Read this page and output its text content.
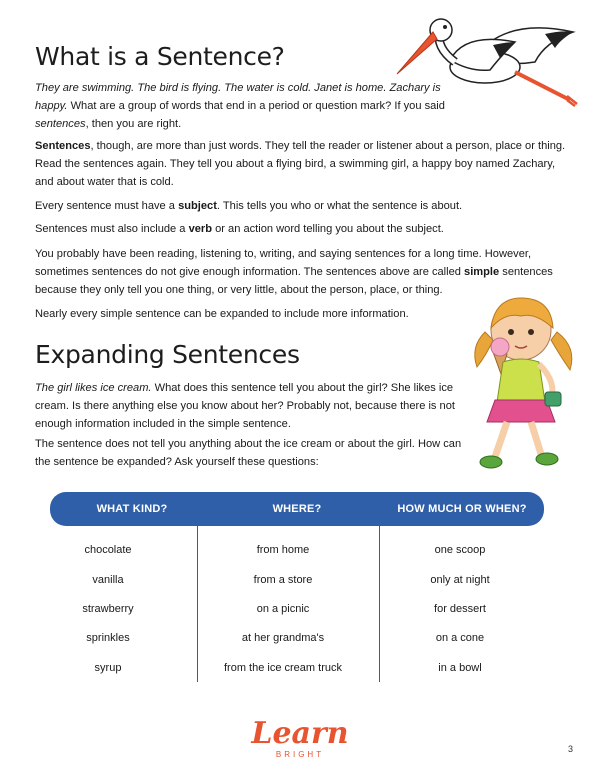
What is a Sentence?

They are swimming. The bird is flying. The water is cold. Janet is home. Zachary is happy. What are a group of words that end in a period or question mark? If you said sentences, then you are right.

Sentences, though, are more than just words. They tell the reader or listener about a person, place or thing. Read the sentences again. They tell you about a flying bird, a swimming girl, a happy boy named Zachary, and about water that is cold.

Every sentence must have a subject. This tells you who or what the sentence is about.

Sentences must also include a verb or an action word telling you about the subject.

You probably have been reading, listening to, writing, and saying sentences for a long time. However, sometimes sentences do not give enough information. The sentences above are called simple sentences because they only tell you one thing, or very little, about the person, place, or thing.

Nearly every simple sentence can be expanded to include more information.

Expanding Sentences

The girl likes ice cream. What does this sentence tell you about the girl? She likes ice cream. Is there anything else you know about her? Probably not, because there is not enough information included in the simple sentence.

The sentence does not tell you anything about the ice cream or about the girl. How can the sentence be expanded? Ask yourself these questions:

WHAT KIND?	WHERE?	HOW MUCH OR WHEN?
chocolate	from home	one scoop
vanilla	from a store	only at night
strawberry	on a picnic	for dessert
sprinkles	at her grandma's	on a cone
syrup	from the ice cream truck	in a bowl
Learn
BRIGHT
3
